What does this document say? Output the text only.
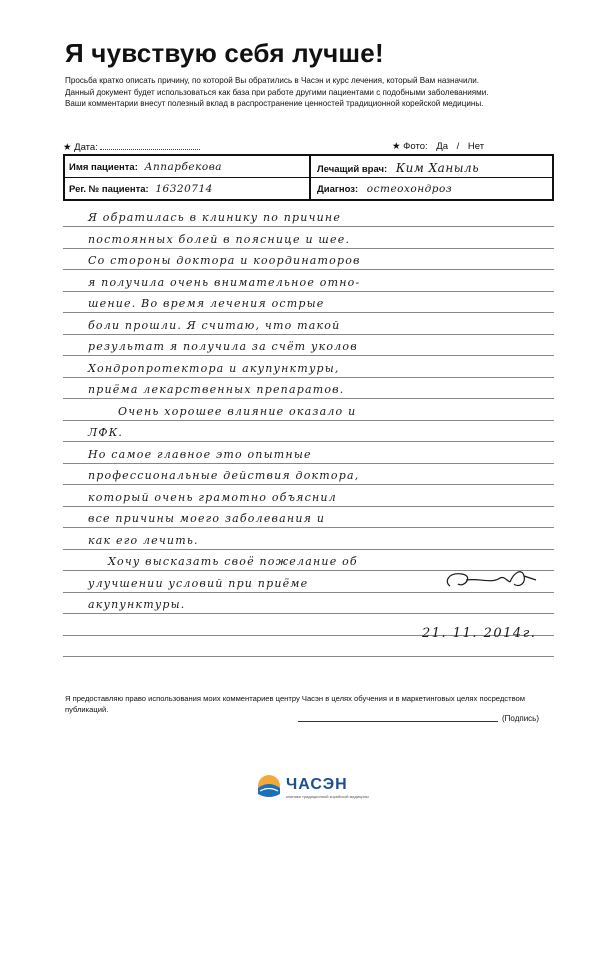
Я чувствую себя лучше!
Просьба кратко описать причину, по которой Вы обратились в Часэн и курс лечения, который Вам назначили.
Данный документ будет использоваться как база при работе другими пациентами с подобными заболеваниями.
Ваши комментарии внесут полезный вклад в распространение ценностей традиционной корейской медицины.
★ Дата:	★ Фото: Да / Нет
Имя пациента: Аппарбекова
Рег. № пациента: 16320714
Лечащий врач: Ким Ханыль
Диагноз: остеохондроз
Я обратилась в клинику по причине
постоянных болей в пояснице и шее.
Со стороны доктора и координаторов
я получила очень внимательное отно-
шение. Во время лечения острые
боли прошли. Я считаю, что такой
результат я получила за счёт уколов
Хондропротектора и акупунктуры,
приёма лекарственных препаратов.
Очень хорошее влияние оказало и
ЛФК.
Но самое главное это опытные
профессиональные действия доктора,
который очень грамотно объяснил
все причины моего заболевания и
как его лечить.
Хочу высказать своё пожелание об
улучшении условий при приёме
акупунктуры.
21. 11. 2014г.
Я предоставляю право использования моих комментариев центру Часэн в целях обучения и в маркетинговых целях посредством публикаций.
(Подпись)
ЧАСЭН
клиника традиционной корейской медицины
